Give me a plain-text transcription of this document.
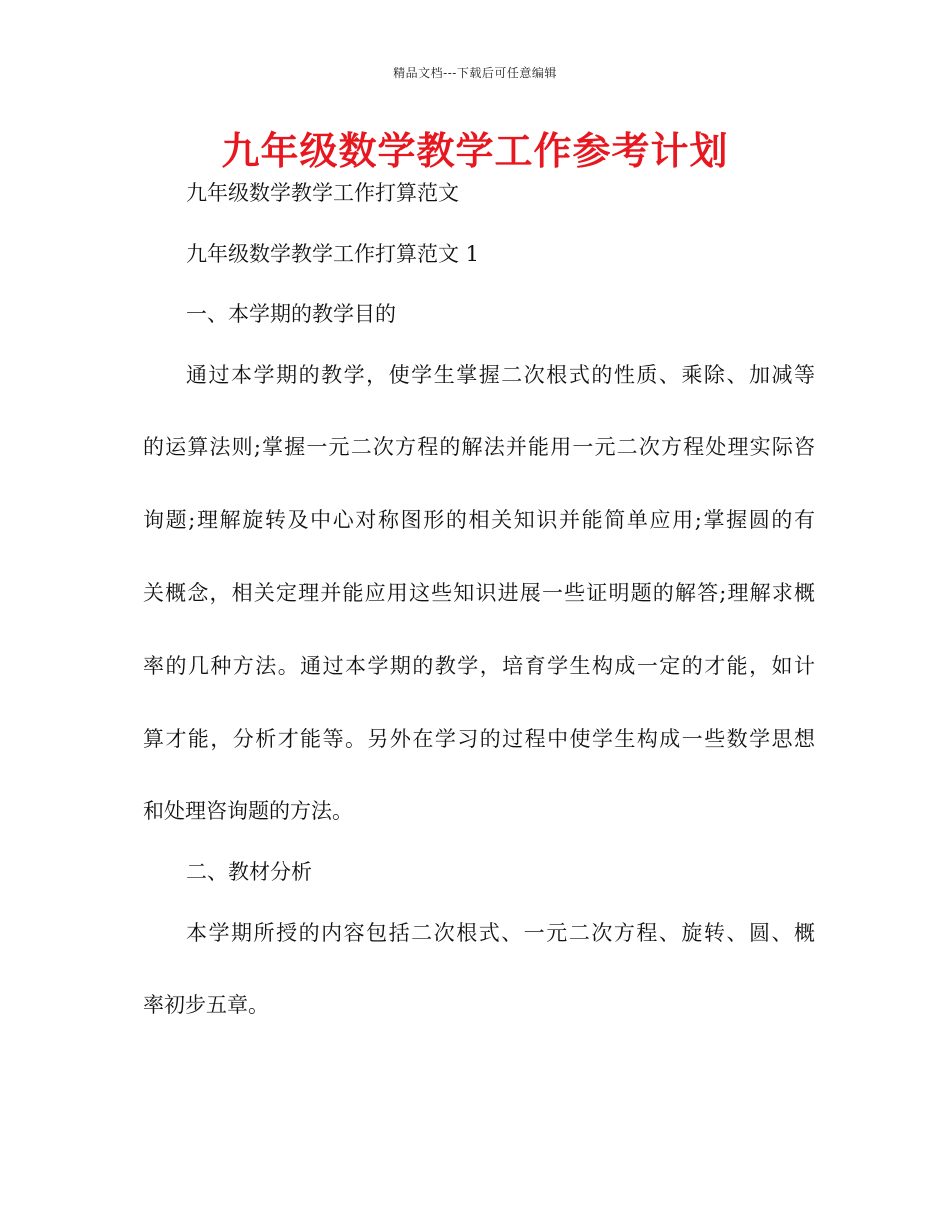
精品文档---下载后可任意编辑
九年级数学教学工作参考计划
九年级数学教学工作打算范文
九年级数学教学工作打算范文 1
一、本学期的教学目的
通过本学期的教学，使学生掌握二次根式的性质、乘除、加减等
的运算法则;掌握一元二次方程的解法并能用一元二次方程处理实际咨
询题;理解旋转及中心对称图形的相关知识并能简单应用;掌握圆的有
关概念，相关定理并能应用这些知识进展一些证明题的解答;理解求概
率的几种方法。通过本学期的教学，培育学生构成一定的才能，如计
算才能，分析才能等。另外在学习的过程中使学生构成一些数学思想
和处理咨询题的方法。
二、教材分析
本学期所授的内容包括二次根式、一元二次方程、旋转、圆、概
率初步五章。
